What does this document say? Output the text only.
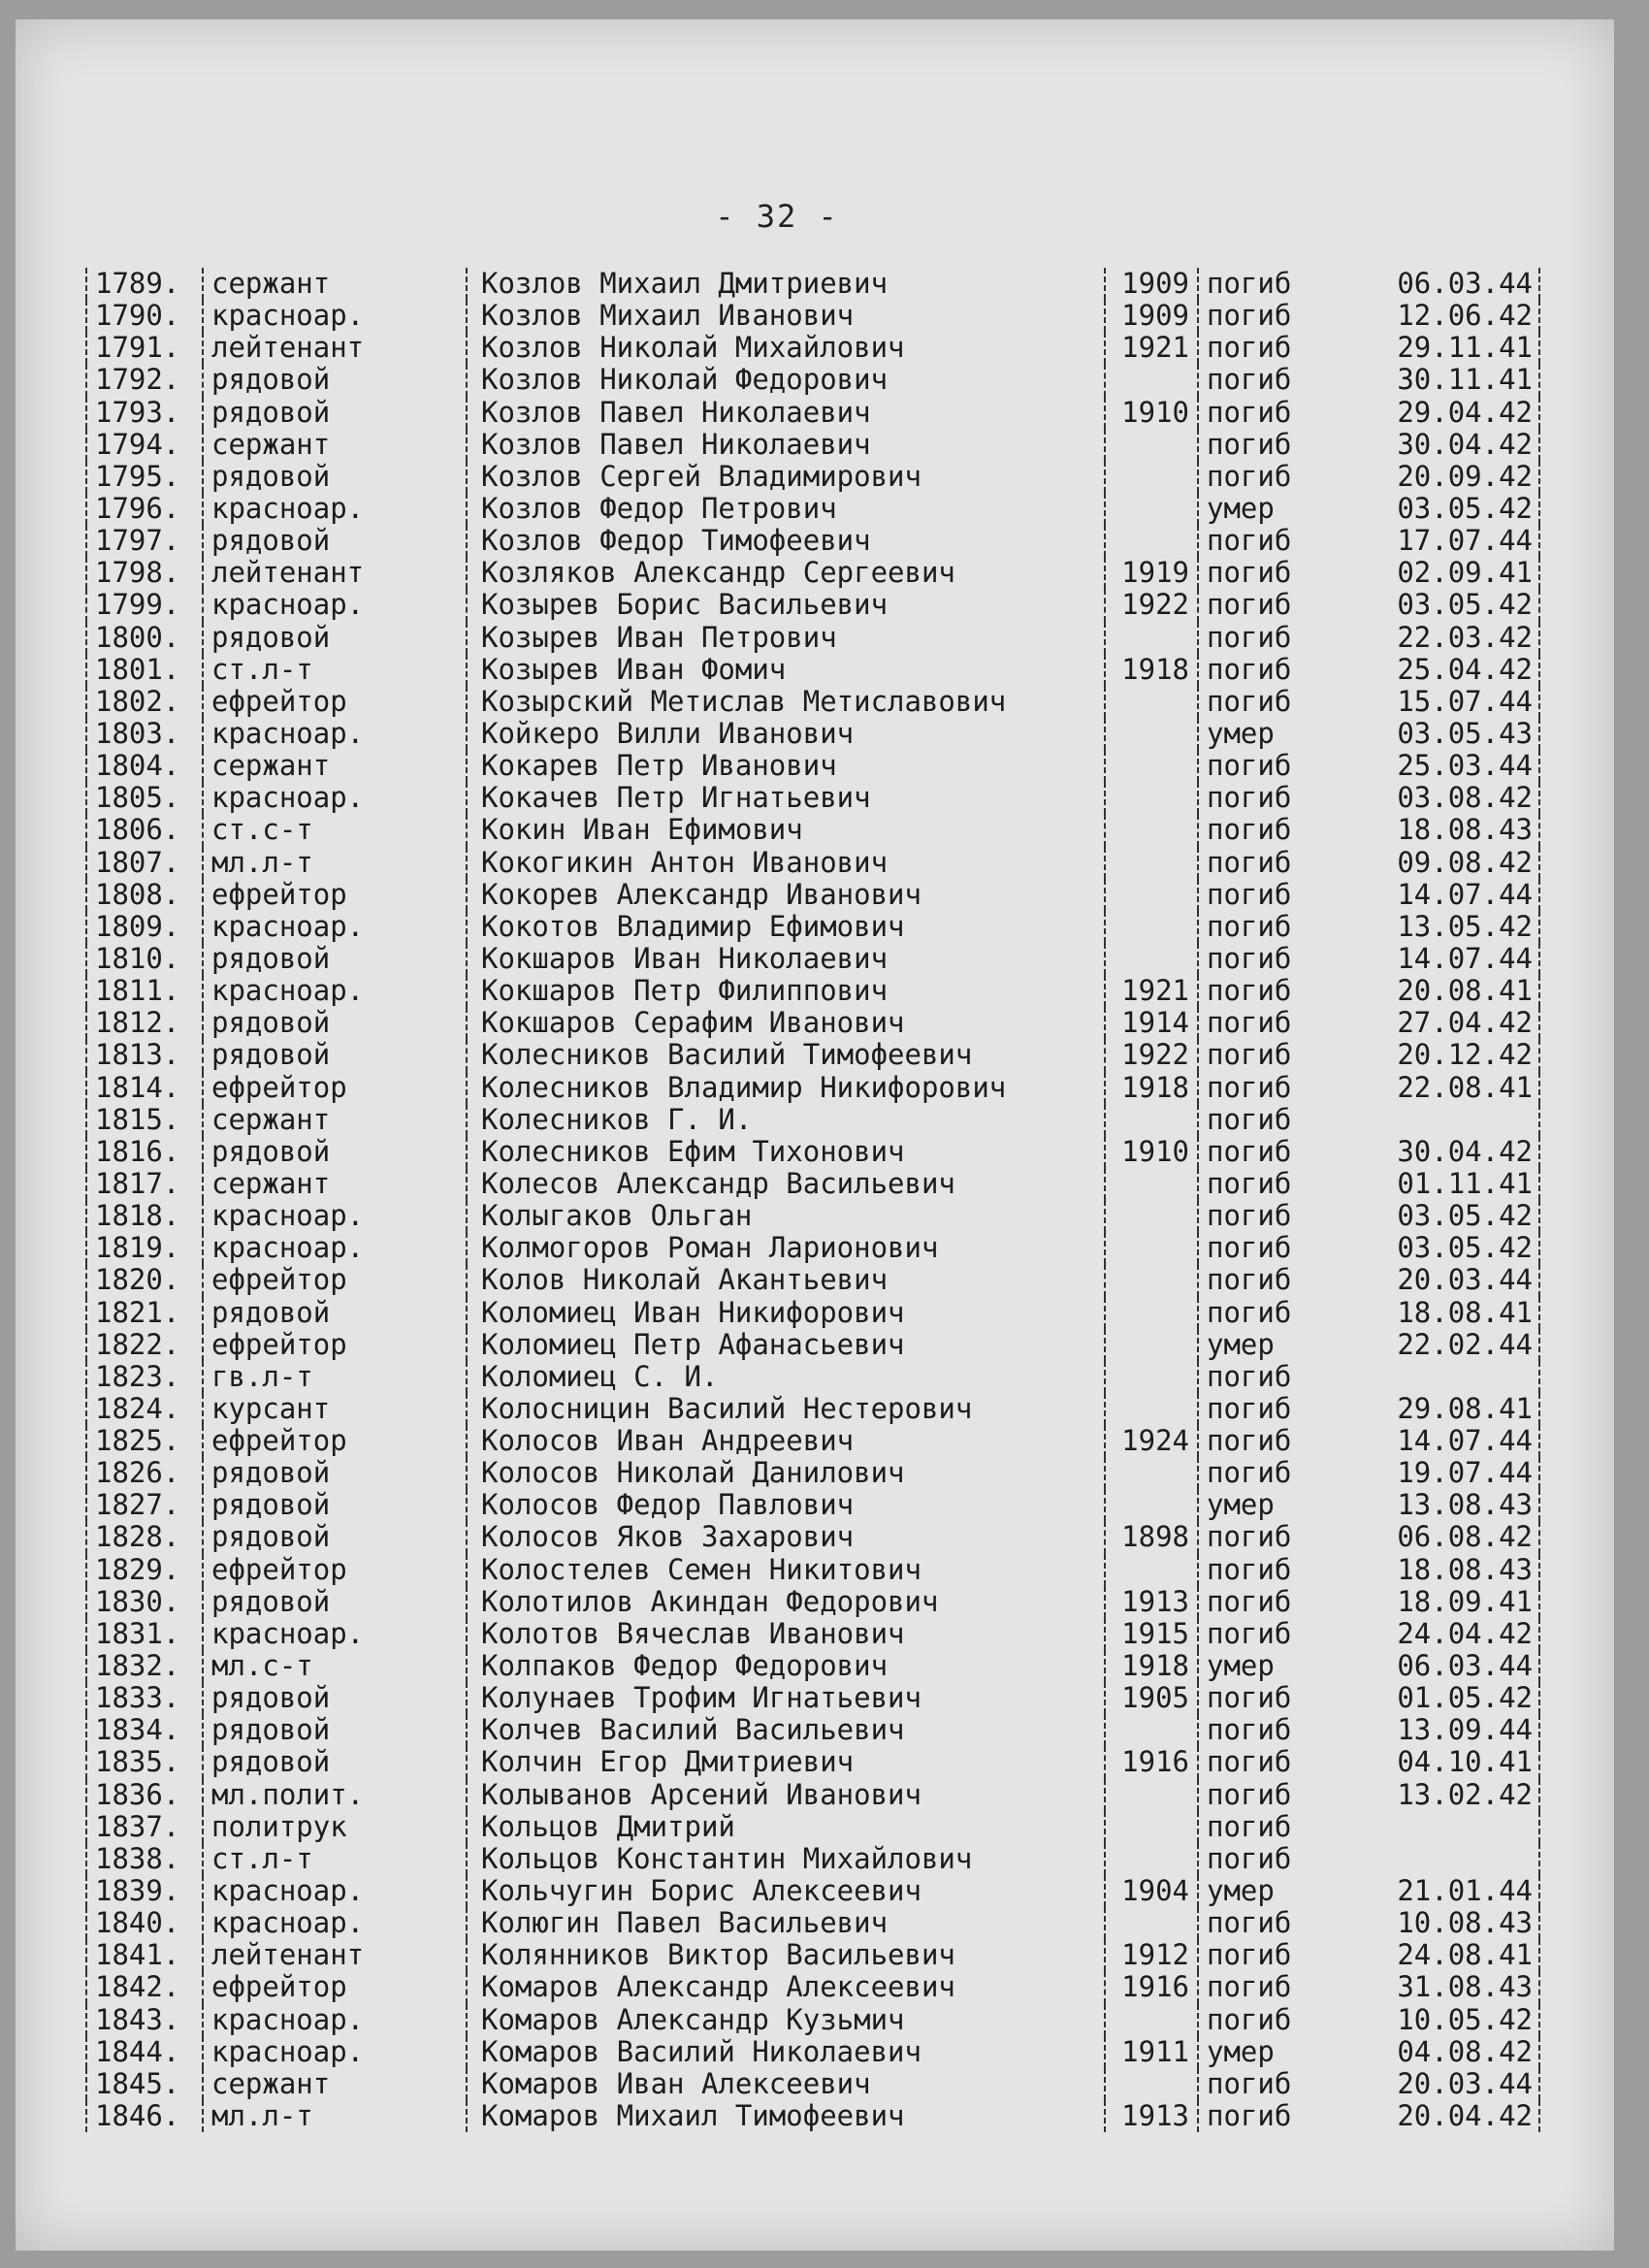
- 32 -
1789.	сержант	Козлов Михаил Дмитриевич	1909 погиб	06.03.44
1790.	краснoар.	Козлов Михаил Иванович	1909 погиб	12.06.42
1791.	лейтенант	Козлов Николай Михайлович	1921 погиб	29.11.41
1792.	рядовой	Козлов Николай Федорович	погиб	30.11.41
1793.	рядовой	Козлов Павел Николаевич	1910 погиб	29.04.42
1794.	сержант	Козлов Павел Николаевич	погиб	30.04.42
1795.	рядовой	Козлов Сергей Владимирович	погиб	20.09.42
1796.	краснoар.	Козлов Федор Петрович	умер	03.05.42
1797.	рядовой	Козлов Федор Тимофеевич	погиб	17.07.44
1798.	лейтенант	Козляков Александр Сергеевич	1919 погиб	02.09.41
1799.	краснoар.	Козырев Борис Васильевич	1922 погиб	03.05.42
1800.	рядовой	Козырев Иван Петрович	погиб	22.03.42
1801.	ст.л-т	Козырев Иван Фомич	1918 погиб	25.04.42
1802.	ефрейтор	Козырский Метислав Метиславович	погиб	15.07.44
1803.	краснoар.	Койкеро Вилли Иванович	умер	03.05.43
1804.	сержант	Кокарев Петр Иванович	погиб	25.03.44
1805.	краснoар.	Кокачев Петр Игнатьевич	погиб	03.08.42
1806.	ст.с-т	Кокин Иван Ефимович	погиб	18.08.43
1807.	мл.л-т	Кокогикин Антон Иванович	погиб	09.08.42
1808.	ефрейтор	Кокорев Александр Иванович	погиб	14.07.44
1809.	краснoар.	Кокотов Владимир Ефимович	погиб	13.05.42
1810.	рядовой	Кокшаров Иван Николаевич	погиб	14.07.44
1811.	краснoар.	Кокшаров Петр Филиппович	1921 погиб	20.08.41
1812.	рядовой	Кокшаров Серафим Иванович	1914 погиб	27.04.42
1813.	рядовой	Колесников Василий Тимофеевич	1922 погиб	20.12.42
1814.	ефрейтор	Колесников Владимир Никифорович	1918 погиб	22.08.41
1815.	сержант	Колесников Г. И.	погиб
1816.	рядовой	Колесников Ефим Тихонович	1910 погиб	30.04.42
1817.	сержант	Колесов Александр Васильевич	погиб	01.11.41
1818.	краснoар.	Колыгаков Ольган	погиб	03.05.42
1819.	краснoар.	Колмогоров Роман Ларионович	погиб	03.05.42
1820.	ефрейтор	Колов Николай Акантьевич	погиб	20.03.44
1821.	рядовой	Коломиец Иван Никифорович	погиб	18.08.41
1822.	ефрейтор	Коломиец Петр Афанасьевич	умер	22.02.44
1823.	гв.л-т	Коломиец С. И.	погиб
1824.	курсант	Колосницин Василий Нестерович	погиб	29.08.41
1825.	ефрейтор	Колосов Иван Андреевич	1924 погиб	14.07.44
1826.	рядовой	Колосов Николай Данилович	погиб	19.07.44
1827.	рядовой	Колосов Федор Павлович	умер	13.08.43
1828.	рядовой	Колосов Яков Захарович	1898 погиб	06.08.42
1829.	ефрейтор	Колостелев Семен Никитович	погиб	18.08.43
1830.	рядовой	Колотилов Акиндан Федорович	1913 погиб	18.09.41
1831.	краснoар.	Колотов Вячеслав Иванович	1915 погиб	24.04.42
1832.	мл.с-т	Колпаков Федор Федорович	1918 умер	06.03.44
1833.	рядовой	Колунаев Трофим Игнатьевич	1905 погиб	01.05.42
1834.	рядовой	Колчев Василий Васильевич	погиб	13.09.44
1835.	рядовой	Колчин Егор Дмитриевич	1916 погиб	04.10.41
1836.	мл.полит.	Колыванов Арсений Иванович	погиб	13.02.42
1837.	политрук	Кольцов Дмитрий	погиб
1838.	ст.л-т	Кольцов Константин Михайлович	погиб
1839.	краснoар.	Кольчугин Борис Алексеевич	1904 умер	21.01.44
1840.	краснoар.	Колюгин Павел Васильевич	погиб	10.08.43
1841.	лейтенант	Колянников Виктор Васильевич	1912 погиб	24.08.41
1842.	ефрейтор	Комаров Александр Алексеевич	1916 погиб	31.08.43
1843.	краснoар.	Комаров Александр Кузьмич	погиб	10.05.42
1844.	краснoар.	Комаров Василий Николаевич	1911 умер	04.08.42
1845.	сержант	Комаров Иван Алексеевич	погиб	20.03.44
1846.	мл.л-т	Комаров Михаил Тимофеевич	1913 погиб	20.04.42
